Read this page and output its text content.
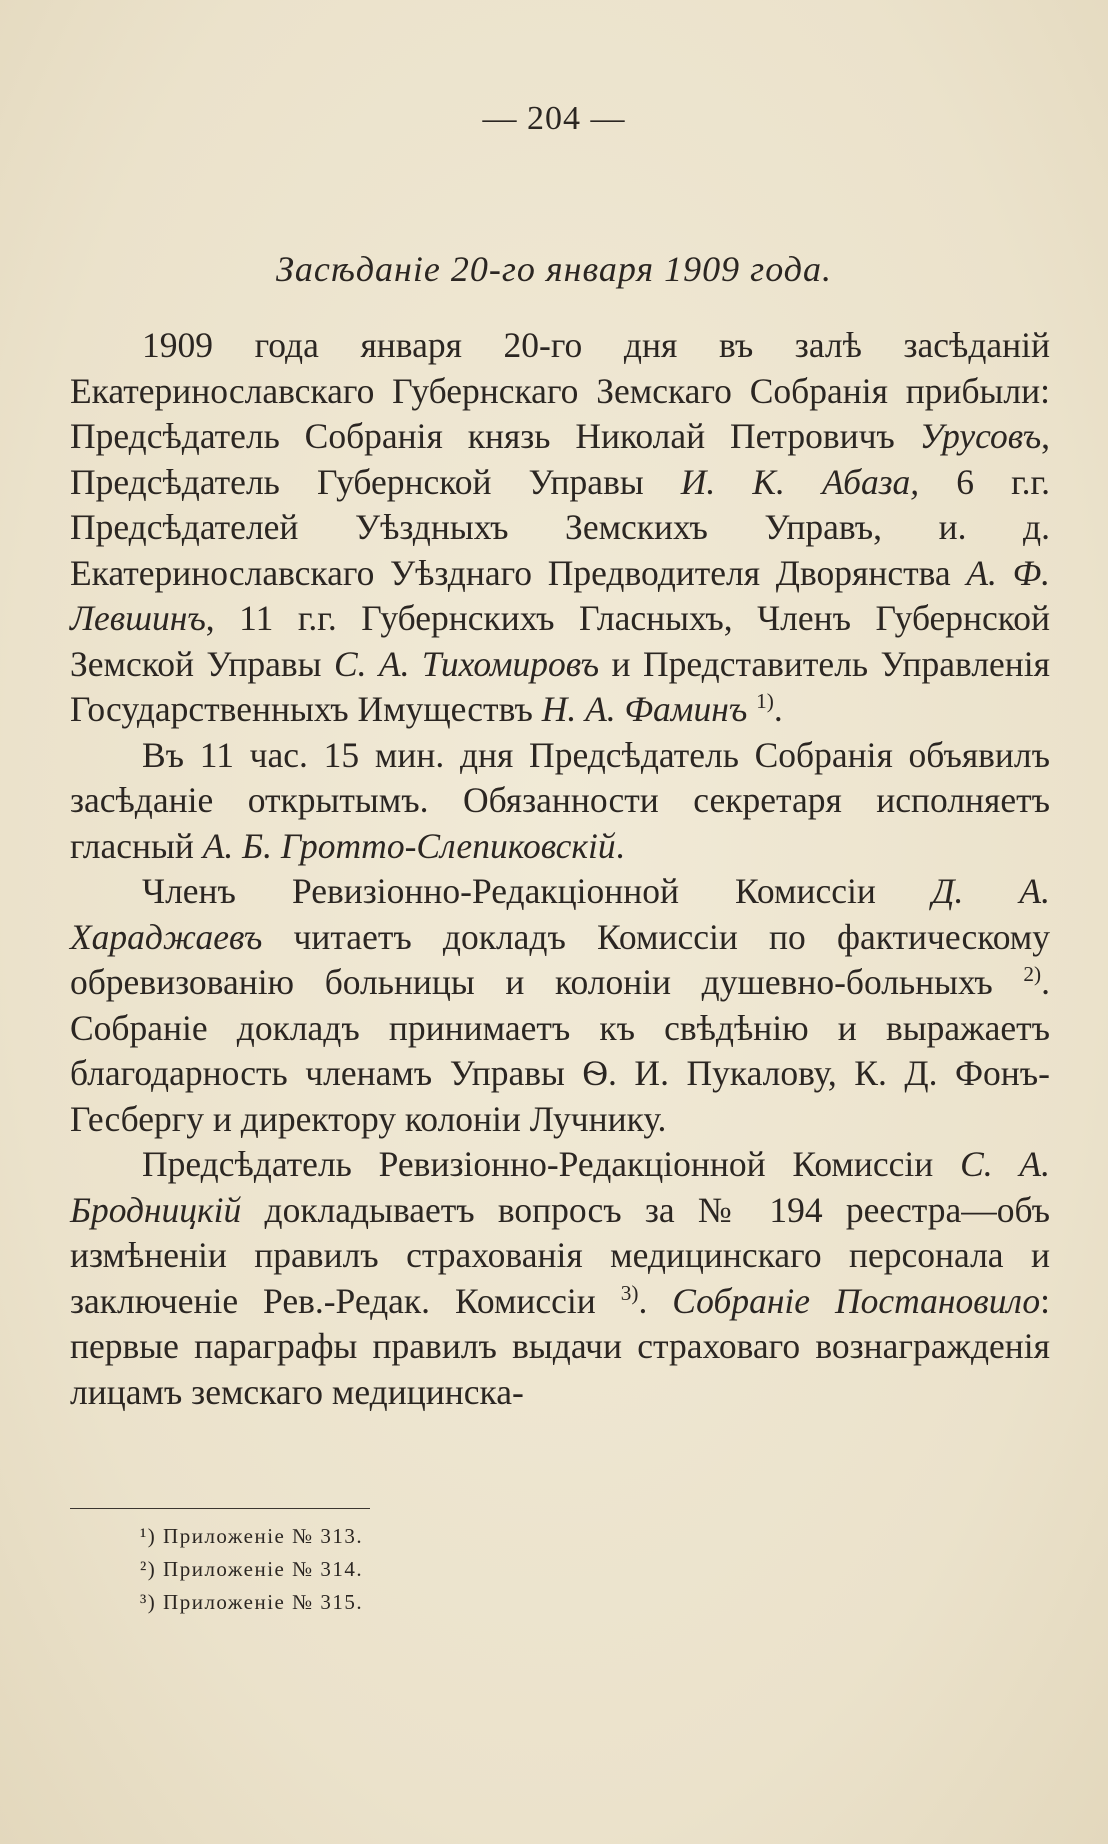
— 204 —
Засѣданіе 20-го января 1909 года.

1909 года января 20-го дня въ залѣ засѣданій Екатеринославскаго Губернскаго Земскаго Собранія прибыли: Предсѣдатель Собранія князь Николай Петровичъ Урусовъ, Предсѣдатель Губернской Управы И. К. Абаза, 6 г.г. Предсѣдателей Уѣздныхъ Земскихъ Управъ, и. д. Екатеринославскаго Уѣзднаго Предводителя Дворянства А. Ф. Левшинъ, 11 г.г. Губернскихъ Гласныхъ, Членъ Губернской Земской Управы С. А. Тихомировъ и Представитель Управленія Государственныхъ Имуществъ Н. А. Фаминъ $^{1)}$.

Въ 11 час. 15 мин. дня Предсѣдатель Собранія объявилъ засѣданіе открытымъ. Обязанности секретаря исполняетъ гласный А. Б. Гротто-Слепиковскій.

Членъ Ревизіонно-Редакціонной Комиссіи Д. А. Хараджаевъ читаетъ докладъ Комиссіи по фактическому обревизованію больницы и колоніи душевно-больныхъ $^{2)}$. Собраніе докладъ принимаетъ къ свѣдѣнію и выражаетъ благодарность членамъ Управы Ѳ. И. Пукалову, К. Д. Фонъ-Гесбергу и директору колоніи Лучнику.

Предсѣдатель Ревизіонно-Редакціонной Комиссіи С. А. Бродницкій докладываетъ вопросъ за № 194 реестра—объ измѣненіи правилъ страхованія медицинскаго персонала и заключеніе Рев.-Редак. Комиссіи $^{3)}$. Собраніе Постановило: первые параграфы правилъ выдачи страховаго вознагражденія лицамъ земскаго медицинска-

¹) Приложеніе № 313.
²) Приложеніе № 314.
³) Приложеніе № 315.
